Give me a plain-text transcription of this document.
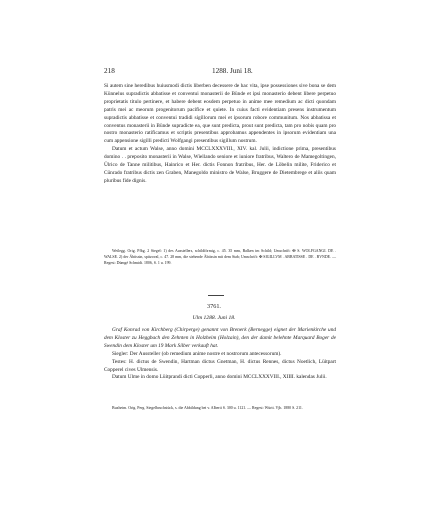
218	1288. Juni 18.

Si autem sine heredibus huiusmodi dictis liberben decessere de hac vita, ipse possessiones sive bona se dem Künnelus supradictis abbatisse et conventui monasterii de Bünde et ipsi monasterio debent libere perpetuo proprietatis titulo pertinere, et habere debent eosdem perpetuo in anime mee remedium ac dicti quondam patris mei ac meorum progenitorum pacifice et quiete. In cuius facti evidentiam presens instrumentum supradictis abbatisse et conventui tradidi sigillorum mei et ipsorum robore communitum. Nos abbatissa et conventus monasterii in Bünde supradicte ea, que sunt predicta, prout sunt predicta, tam pro nobis quam pro nostro monasterio ratificamus et scriptis presentibus approbamus appendentes in ipsorum evidentiam una cum appensione sigilli predicti Wolfgangi presentibus sigillum nostrum.

Datum et actum Walse, anno domini MCCLXXXVIII., XIV. kal. Julii, indictione prima, presentibus domino . . preposito monasterii in Walse, Wiellando seniore et iuniore fratribus, Waltero de Mamegoltingen, Ülrico de Tanne militibus, Hainrico et Her. dictis Fonnon fratribus, Her. de Löbelin milite, Friderico et Cünrado fratribus dictis zen Graben, Manegoldo ministro de Walse, Bruggere de Dietembrege et aliis quam pluribus fide dignis.

Weilegg. Orig. Pfbg. 2 Siegel: 1) des Ausstellers, schildförmig, c. 45. 35 mm, Balken im Schild; Umschrift: ✠ S. WOLFGANGI. DE . WALSE. 2) der Äbtissin, spitzoval, c. 47. 28 mm, die stehende Äbtissin mit dem Stab; Umschrift: ✠ SIGILLVM . ABBATISSE . DE . BVNDE. — Regest: Dümgé Schmidt. 1806, S. 1 u. 199.

3761.
Ulm 1288. Juni 18.

Graf Konrad von Kirchberg (Chirperge) genannt von Brenerk (Bernegge) eignet der Marienkirche und dem Kloster zu Heggbach den Zehnten in Holzheim (Holzain), den der damit belehnte Marquard Boger de Swendin dem Kloster um 19 Mark Silber verkauft hat.

Siegler: Der Aussteller (ob remedium anime nostre et nostrorum antecessorum).

Testes: H. dictus de Swendin, Hartman dictus Gnetman, H. dictus Rennes, dictus Noetlich, Lüitpart Copperel cives Ulmensis.

Datum Ulme in domo Lüitprandi dicti Copperli, anno domini MCCLXXXVIII., XIIII. kalendas Julii.

Buxheim. Orig. Perg. Siegelbruchstück, s. die Abbildung bei v. Alberti S. 300 u. 1121. — Regest: Württ. Vjh. 1880 S. 211.
